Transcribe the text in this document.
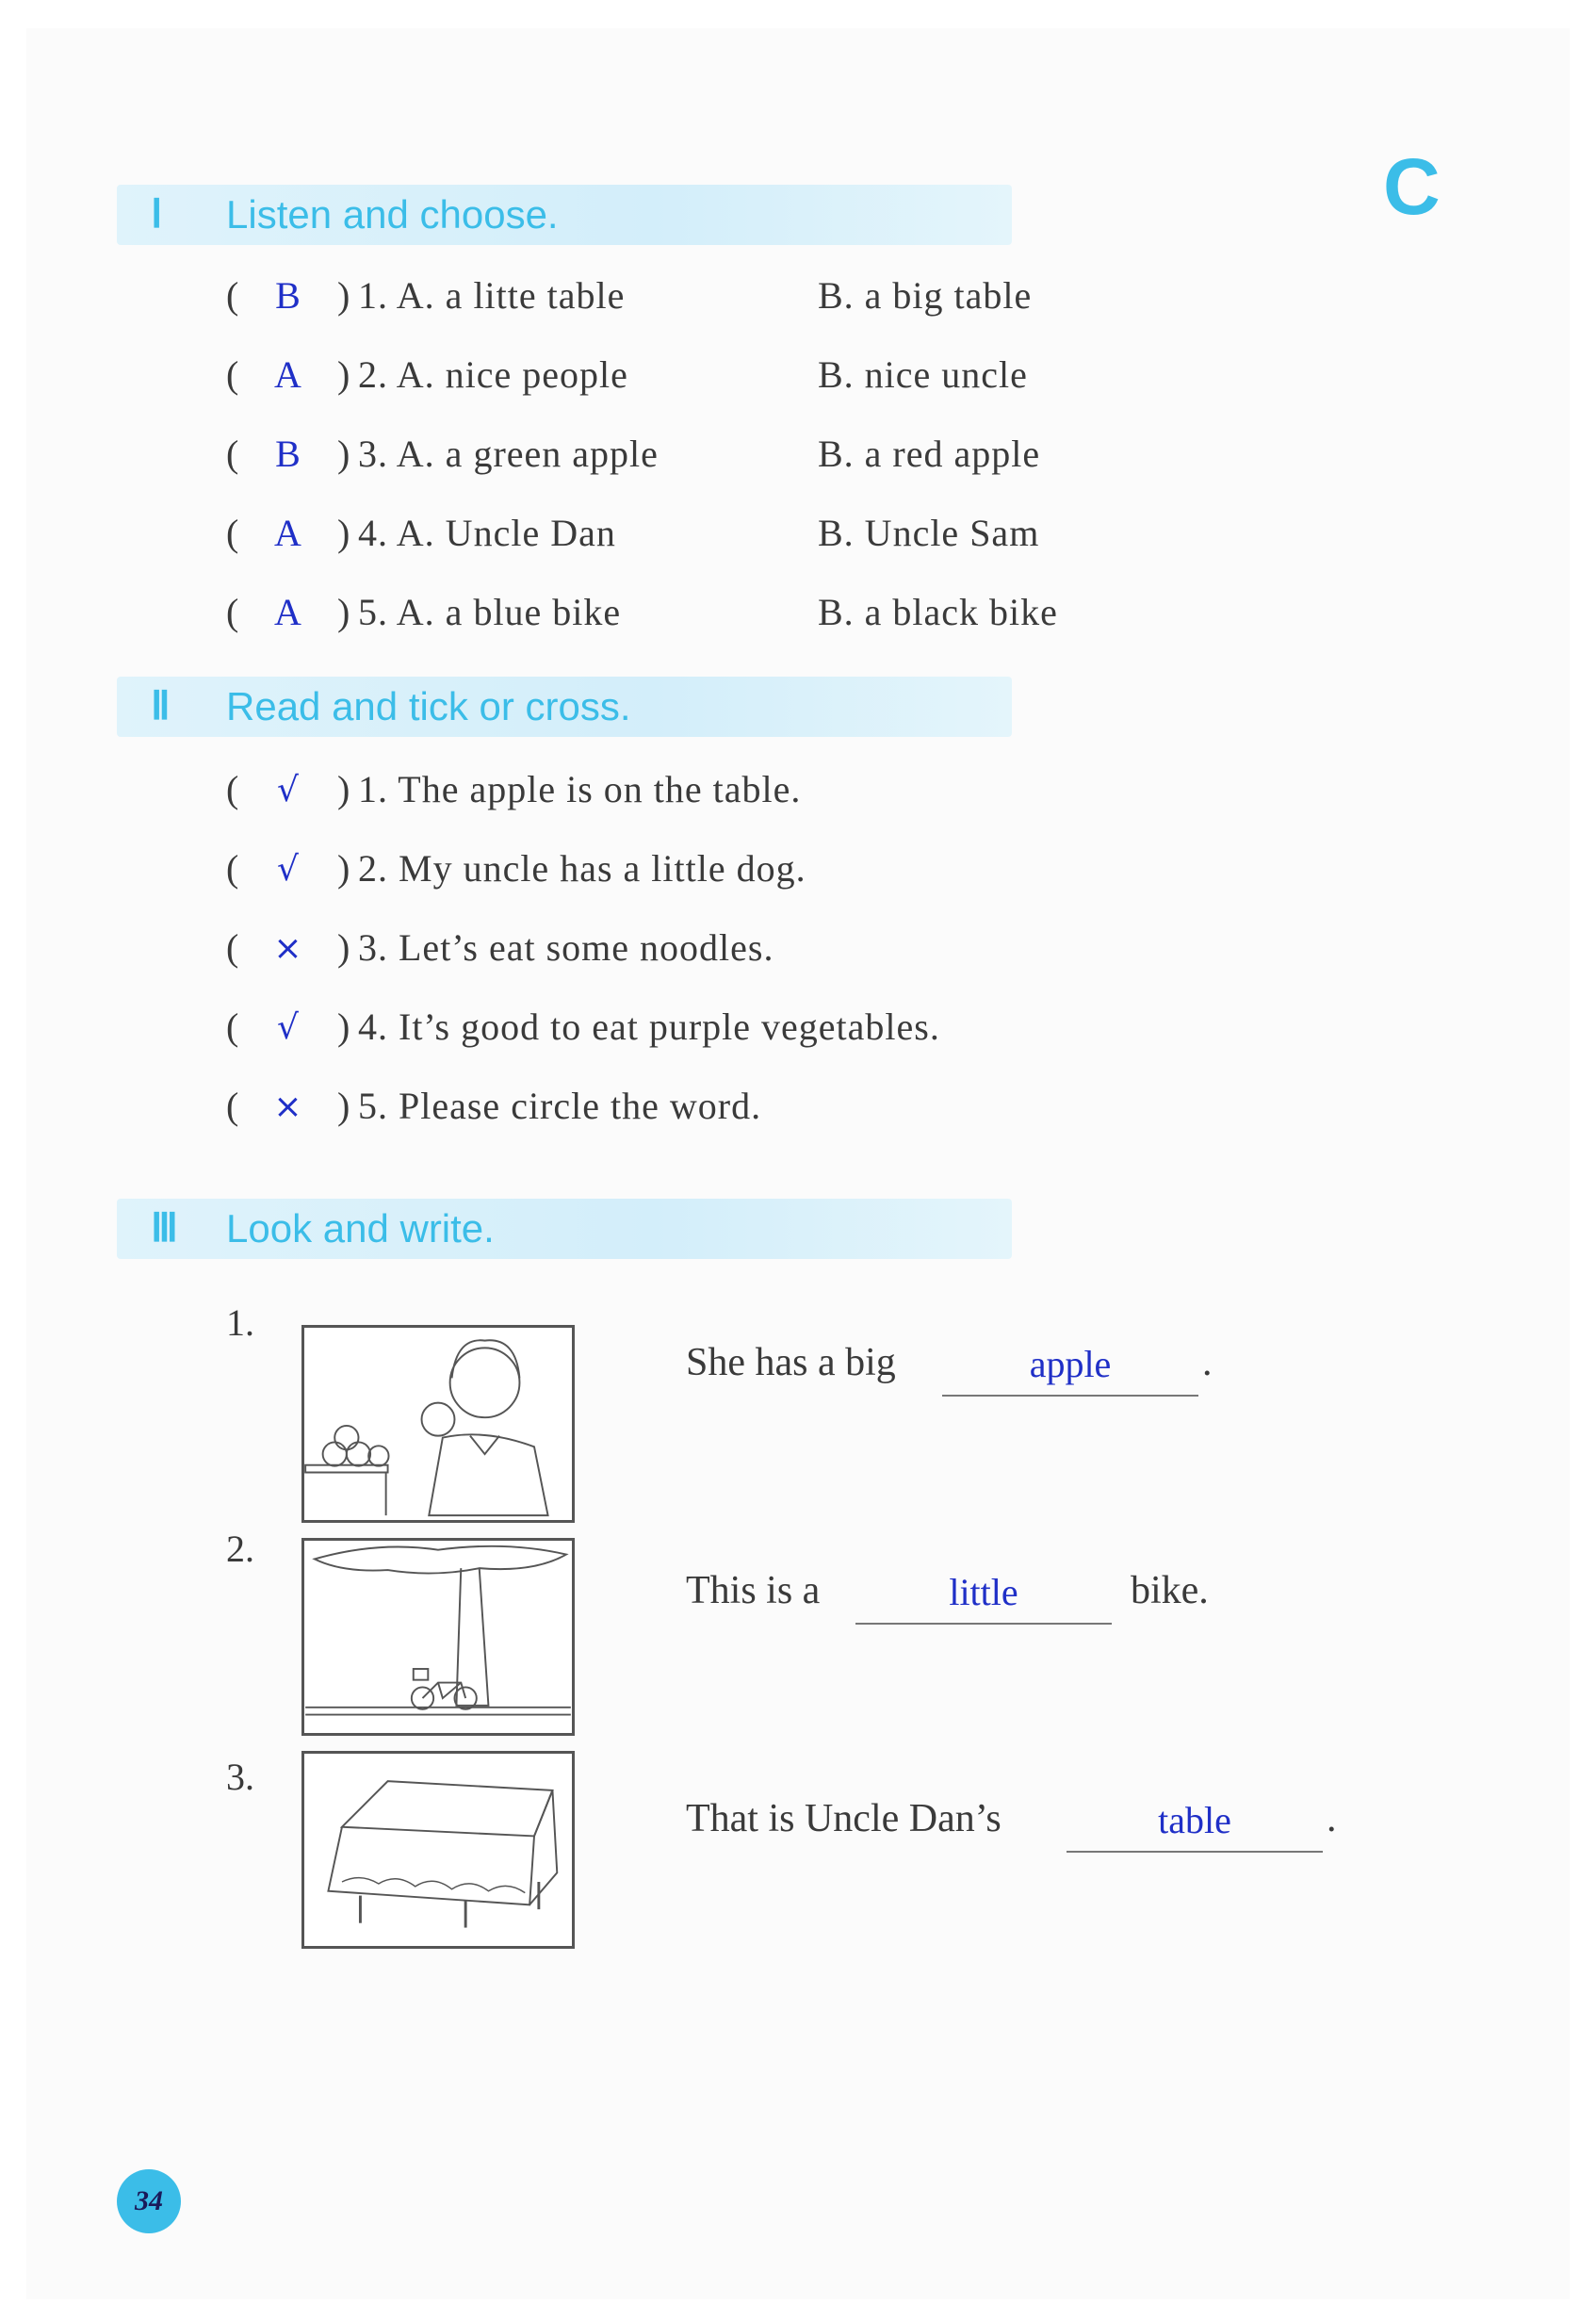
C
Ⅰ Listen and choose.
( B ) 1. A. a litte table	B. a big table
( A ) 2. A. nice people	B. nice uncle
( B ) 3. A. a green apple	B. a red apple
( A ) 4. A. Uncle Dan	B. Uncle Sam
( A ) 5. A. a blue bike	B. a black bike
Ⅱ Read and tick or cross.
(	√	) 1. The apple is on the table.
(	√	) 2. My uncle has a little dog.
(	× ) 3. Let’s eat some noodles.
(	√	) 4. It’s good to eat purple vegetables.
(	× ) 5. Please circle the word.
Ⅲ Look and write.
1.
She has a big	apple	.
2.
This is a	little	bike.
3.
That is Uncle Dan’s	table	.
34
